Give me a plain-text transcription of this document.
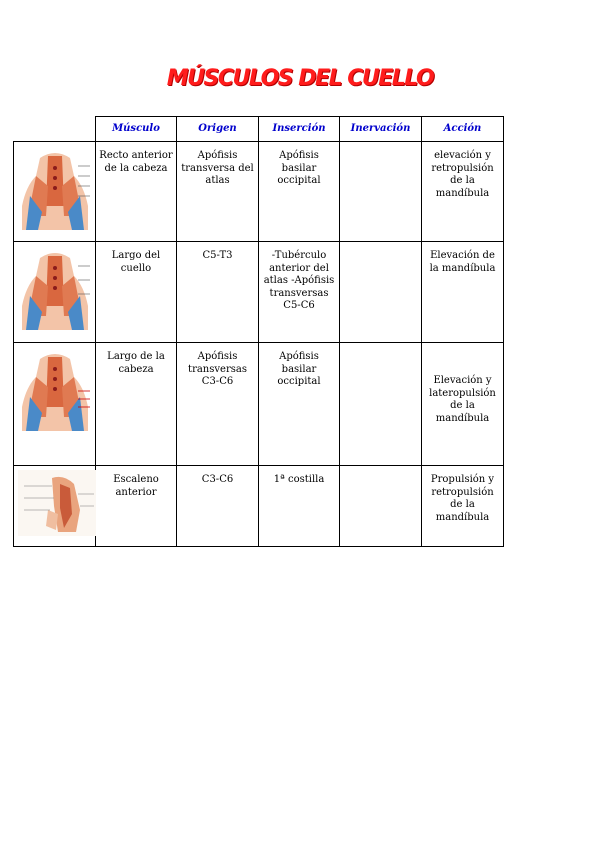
MÚSCULOS DEL CUELLO
	Músculo	Origen	Inserción	Inervación	Acción

	Recto anterior de la cabeza	Apófisis transversa del atlas	Apófisis basilar occipital		elevación y retropulsión de la mandíbula

	Largo del cuello	C5-T3	-Tubérculo anterior del atlas -Apófisis transversas C5-C6		Elevación de la mandíbula

	Largo de la cabeza	Apófisis transversas C3-C6	Apófisis basilar occipital		Elevación y lateropulsión de la mandíbula

	Escaleno anterior	C3-C6	1ª costilla		Propulsión y retropulsión de la mandíbula
